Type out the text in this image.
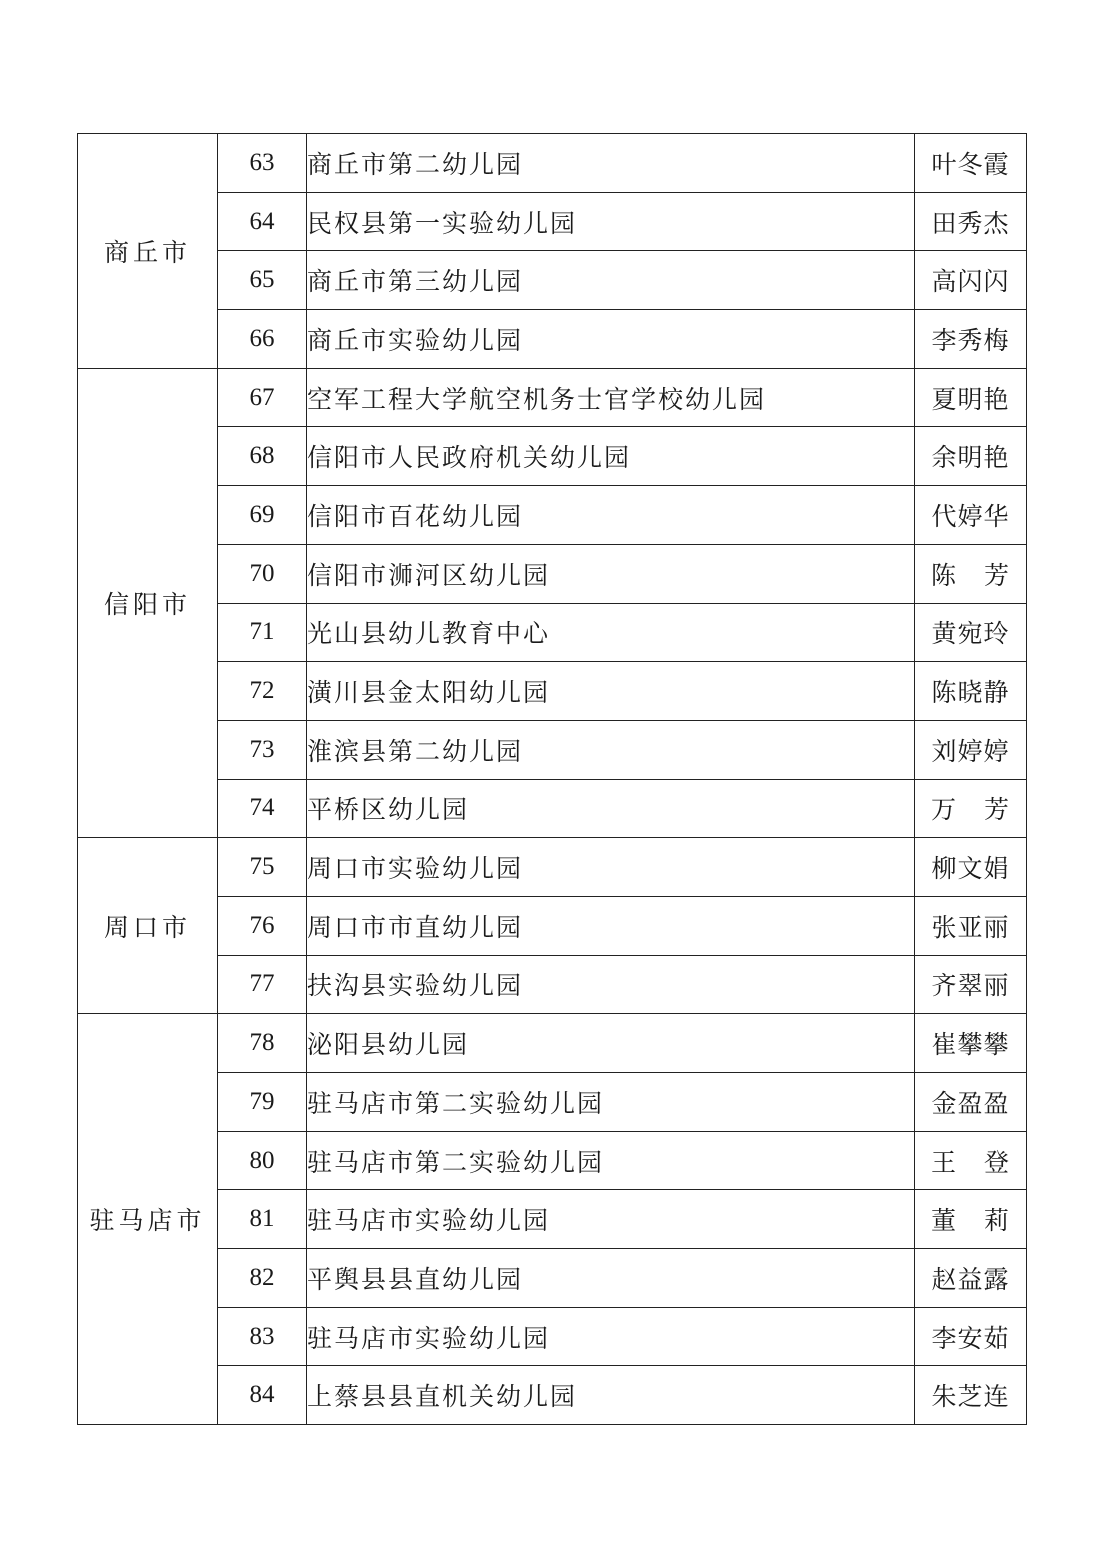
商丘市	63	商丘市第二幼儿园	叶冬霞
	64	民权县第一实验幼儿园	田秀杰
	65	商丘市第三幼儿园	高闪闪
	66	商丘市实验幼儿园	李秀梅
信阳市	67	空军工程大学航空机务士官学校幼儿园	夏明艳
	68	信阳市人民政府机关幼儿园	余明艳
	69	信阳市百花幼儿园	代婷华
	70	信阳市浉河区幼儿园	陈　芳
	71	光山县幼儿教育中心	黄宛玲
	72	潢川县金太阳幼儿园	陈晓静
	73	淮滨县第二幼儿园	刘婷婷
	74	平桥区幼儿园	万　芳
周口市	75	周口市实验幼儿园	柳文娟
	76	周口市市直幼儿园	张亚丽
	77	扶沟县实验幼儿园	齐翠丽
驻马店市	78	泌阳县幼儿园	崔攀攀
	79	驻马店市第二实验幼儿园	金盈盈
	80	驻马店市第二实验幼儿园	王　登
	81	驻马店市实验幼儿园	董　莉
	82	平舆县县直幼儿园	赵益露
	83	驻马店市实验幼儿园	李安茹
	84	上蔡县县直机关幼儿园	朱芝连
